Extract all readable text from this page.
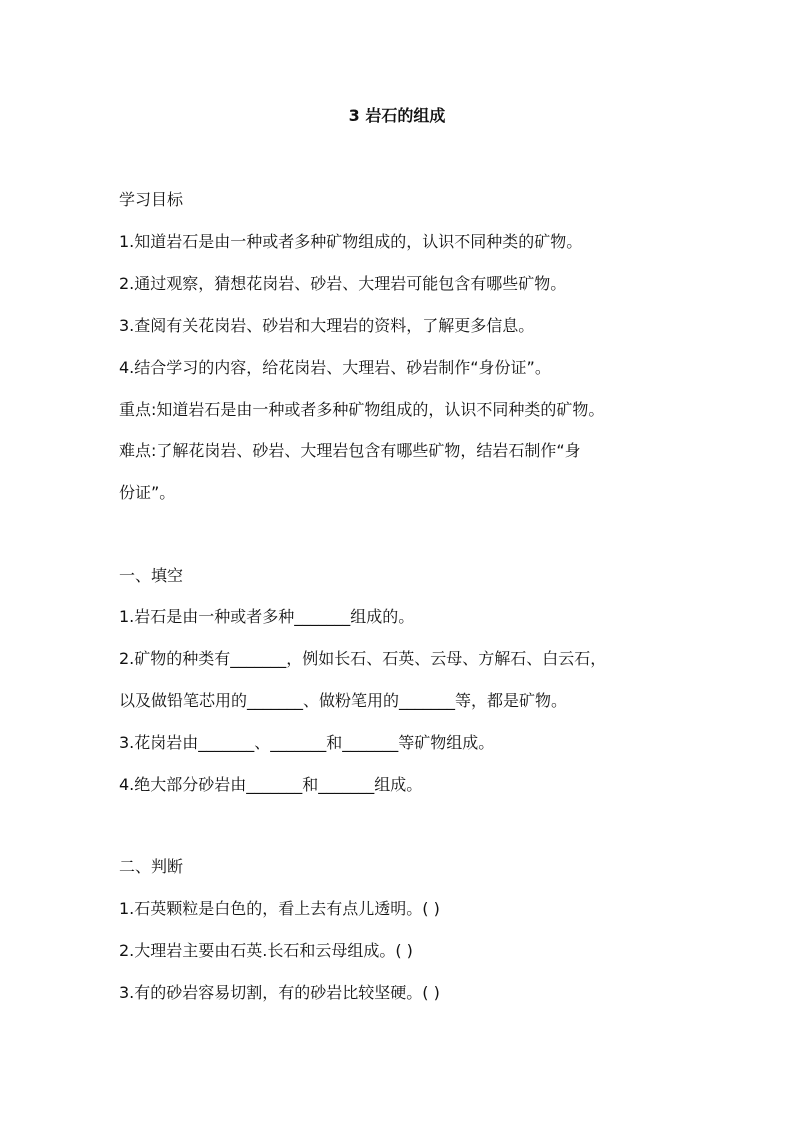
3 岩石的组成
学习目标
1.知道岩石是由一种或者多种矿物组成的，认识不同种类的矿物。
2.通过观察，猜想花岗岩、砂岩、大理岩可能包含有哪些矿物。
3.查阅有关花岗岩、砂岩和大理岩的资料，了解更多信息。
4.结合学习的内容，给花岗岩、大理岩、砂岩制作“身份证”。
重点:知道岩石是由一种或者多种矿物组成的，认识不同种类的矿物。
难点:了解花岗岩、砂岩、大理岩包含有哪些矿物，结岩石制作“身
份证”。
一、填空
1.岩石是由一种或者多种_______组成的。
2.矿物的种类有_______，例如长石、石英、云母、方解石、白云石，
以及做铅笔芯用的_______、做粉笔用的_______等，都是矿物。
3.花岗岩由_______、_______和_______等矿物组成。
4.绝大部分砂岩由_______和_______组成。
二、判断
1.石英颗粒是白色的，看上去有点儿透明。( )
2.大理岩主要由石英.长石和云母组成。( )
3.有的砂岩容易切割，有的砂岩比较坚硬。( )
